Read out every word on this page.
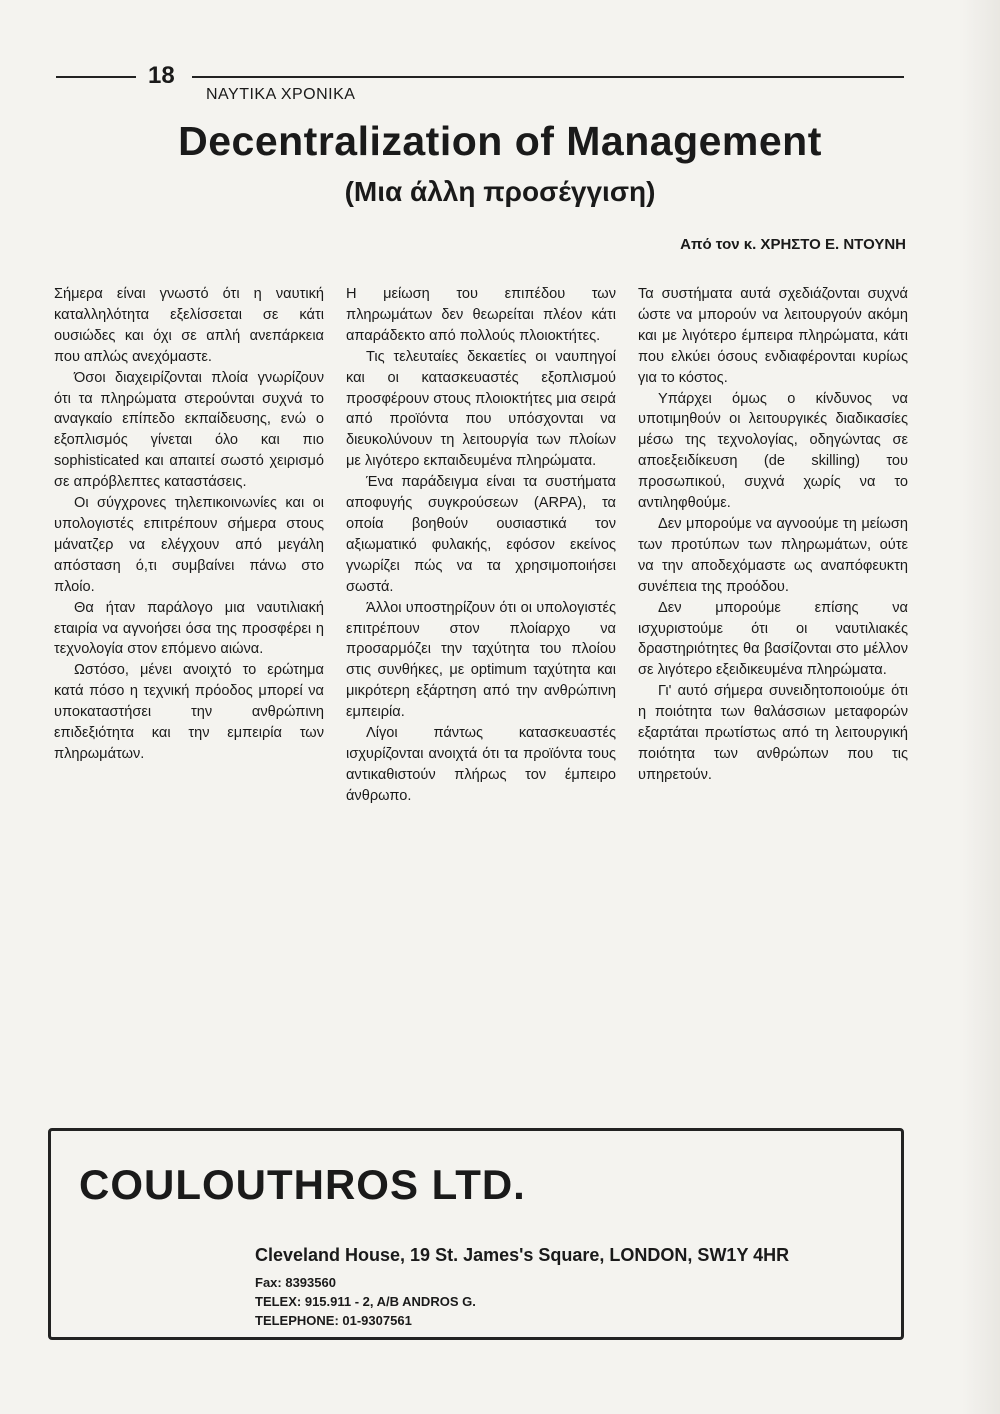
18
ΝΑΥΤΙΚΑ ΧΡΟΝΙΚΑ
Decentralization of Management
(Μια άλλη προσέγγιση)
Από τον κ. ΧΡΗΣΤΟ Ε. ΝΤΟΥΝΗ

Σήμερα είναι γνωστό ότι η ναυτική καταλληλότητα εξελίσσεται σε κάτι ουσιώδες και όχι σε απλή ανεπάρκεια που απλώς ανεχόμαστε.

Όσοι διαχειρίζονται πλοία γνωρίζουν ότι τα πληρώματα στερούνται συχνά το αναγκαίο επίπεδο εκπαίδευσης, ενώ ο εξοπλισμός γίνεται όλο και πιο sophisticated και απαιτεί σωστό χειρισμό σε απρόβλεπτες καταστάσεις.

Οι σύγχρονες τηλεπικοινωνίες και οι υπολογιστές επιτρέπουν σήμερα στους μάνατζερ να ελέγχουν από μεγάλη απόσταση ό,τι συμβαίνει πάνω στο πλοίο.

Θα ήταν παράλογο μια ναυτιλιακή εταιρία να αγνοήσει όσα της προσφέρει η τεχνολογία στον επόμενο αιώνα.

Ωστόσο, μένει ανοιχτό το ερώτημα κατά πόσο η τεχνική πρόοδος μπορεί να υποκαταστήσει την ανθρώπινη επιδεξιότητα και την εμπειρία των πληρωμάτων.

Η μείωση του επιπέδου των πληρωμάτων δεν θεωρείται πλέον κάτι απαράδεκτο από πολλούς πλοιοκτήτες.

Τις τελευταίες δεκαετίες οι ναυπηγοί και οι κατασκευαστές εξοπλισμού προσφέρουν στους πλοιοκτήτες μια σειρά από προϊόντα που υπόσχονται να διευκολύνουν τη λειτουργία των πλοίων με λιγότερο εκπαιδευμένα πληρώματα.

Ένα παράδειγμα είναι τα συστήματα αποφυγής συγκρούσεων (ARPA), τα οποία βοηθούν ουσιαστικά τον αξιωματικό φυλακής, εφόσον εκείνος γνωρίζει πώς να τα χρησιμοποιήσει σωστά.

Άλλοι υποστηρίζουν ότι οι υπολογιστές επιτρέπουν στον πλοίαρχο να προσαρμόζει την ταχύτητα του πλοίου στις συνθήκες, με optimum ταχύτητα και μικρότερη εξάρτηση από την ανθρώπινη εμπειρία.

Λίγοι πάντως κατασκευαστές ισχυρίζονται ανοιχτά ότι τα προϊόντα τους αντικαθιστούν πλήρως τον έμπειρο άνθρωπο.

Τα συστήματα αυτά σχεδιάζονται συχνά ώστε να μπορούν να λειτουργούν ακόμη και με λιγότερο έμπειρα πληρώματα, κάτι που ελκύει όσους ενδιαφέρονται κυρίως για το κόστος.

Υπάρχει όμως ο κίνδυνος να υποτιμηθούν οι λειτουργικές διαδικασίες μέσω της τεχνολογίας, οδηγώντας σε αποεξειδίκευση (de skilling) του προσωπικού, συχνά χωρίς να το αντιληφθούμε.

Δεν μπορούμε να αγνοούμε τη μείωση των προτύπων των πληρωμάτων, ούτε να την αποδεχόμαστε ως αναπόφευκτη συνέπεια της προόδου.

Δεν μπορούμε επίσης να ισχυριστούμε ότι οι ναυτιλιακές δραστηριότητες θα βασίζονται στο μέλλον σε λιγότερο εξειδικευμένα πληρώματα.

Γι' αυτό σήμερα συνειδητοποιούμε ότι η ποιότητα των θαλάσσιων μεταφορών εξαρτάται πρωτίστως από τη λειτουργική ποιότητα των ανθρώπων που τις υπηρετούν.

COULOUTHROS LTD.
Cleveland House, 19 St. James's Square, LONDON, SW1Y 4HR
Fax: 8393560
TELEX: 915.911 - 2, A/B ANDROS G.
TELEPHONE: 01-9307561
